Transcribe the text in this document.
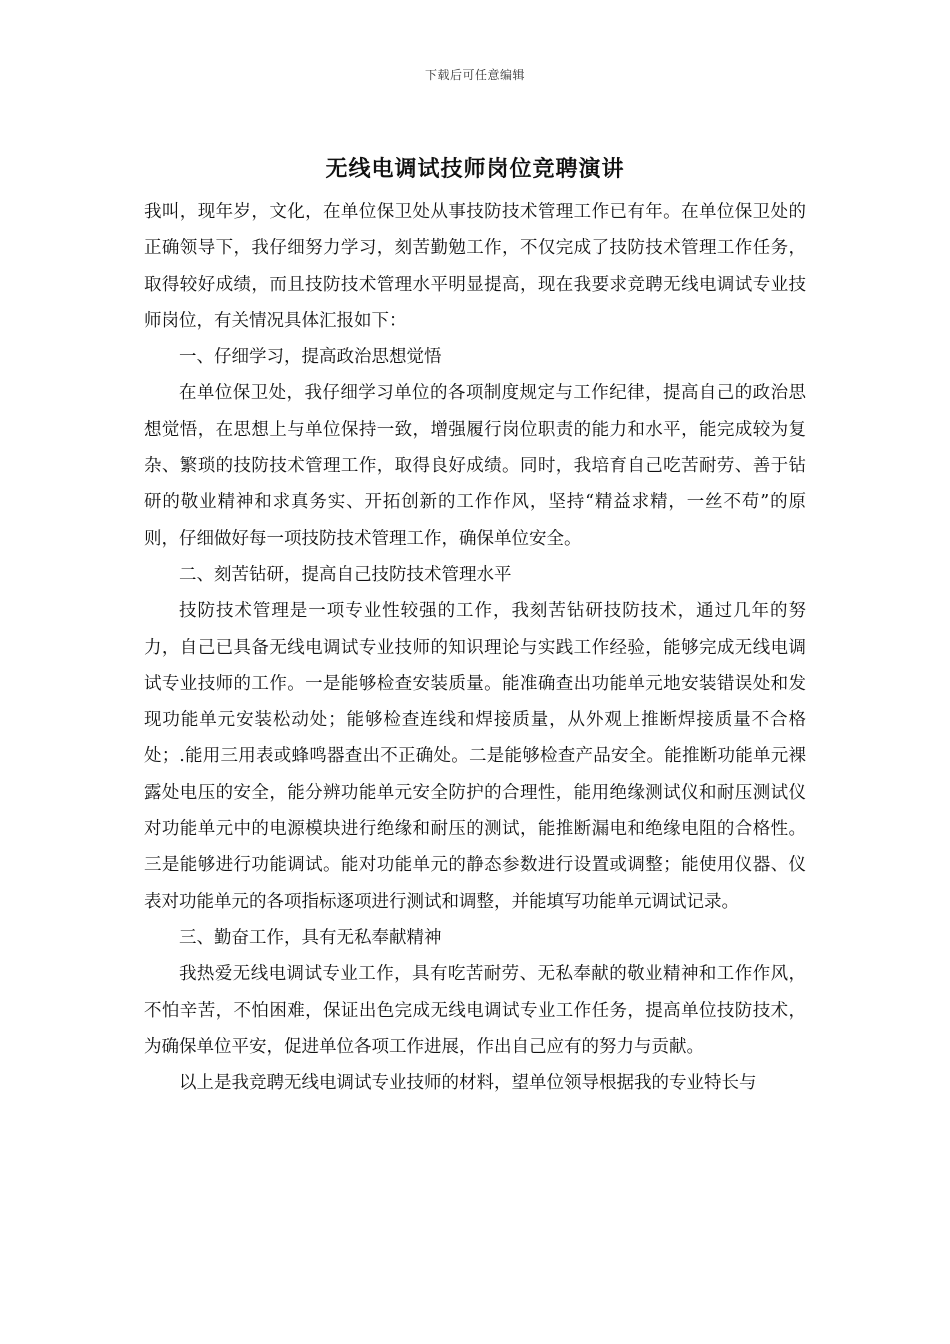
下载后可任意编辑
无线电调试技师岗位竞聘演讲

我叫，现年岁，文化，在单位保卫处从事技防技术管理工作已有年。在单位保卫处的正确领导下，我仔细努力学习，刻苦勤勉工作，不仅完成了技防技术管理工作任务，取得较好成绩，而且技防技术管理水平明显提高，现在我要求竞聘无线电调试专业技师岗位，有关情况具体汇报如下：

一、仔细学习，提高政治思想觉悟

在单位保卫处，我仔细学习单位的各项制度规定与工作纪律，提高自己的政治思想觉悟，在思想上与单位保持一致，增强履行岗位职责的能力和水平，能完成较为复杂、繁琐的技防技术管理工作，取得良好成绩。同时，我培育自己吃苦耐劳、善于钻研的敬业精神和求真务实、开拓创新的工作作风，坚持“精益求精，一丝不苟”的原则，仔细做好每一项技防技术管理工作，确保单位安全。

二、刻苦钻研，提高自己技防技术管理水平

技防技术管理是一项专业性较强的工作，我刻苦钻研技防技术，通过几年的努力，自己已具备无线电调试专业技师的知识理论与实践工作经验，能够完成无线电调试专业技师的工作。一是能够检查安装质量。能准确查出功能单元地安装错误处和发现功能单元安装松动处；能够检查连线和焊接质量，从外观上推断焊接质量不合格处；.能用三用表或蜂鸣器查出不正确处。二是能够检查产品安全。能推断功能单元裸露处电压的安全，能分辨功能单元安全防护的合理性，能用绝缘测试仪和耐压测试仪对功能单元中的电源模块进行绝缘和耐压的测试，能推断漏电和绝缘电阻的合格性。三是能够进行功能调试。能对功能单元的静态参数进行设置或调整；能使用仪器、仪表对功能单元的各项指标逐项进行测试和调整，并能填写功能单元调试记录。

三、勤奋工作，具有无私奉献精神

我热爱无线电调试专业工作，具有吃苦耐劳、无私奉献的敬业精神和工作作风，不怕辛苦，不怕困难，保证出色完成无线电调试专业工作任务，提高单位技防技术，为确保单位平安，促进单位各项工作进展，作出自己应有的努力与贡献。

以上是我竞聘无线电调试专业技师的材料，望单位领导根据我的专业特长与
